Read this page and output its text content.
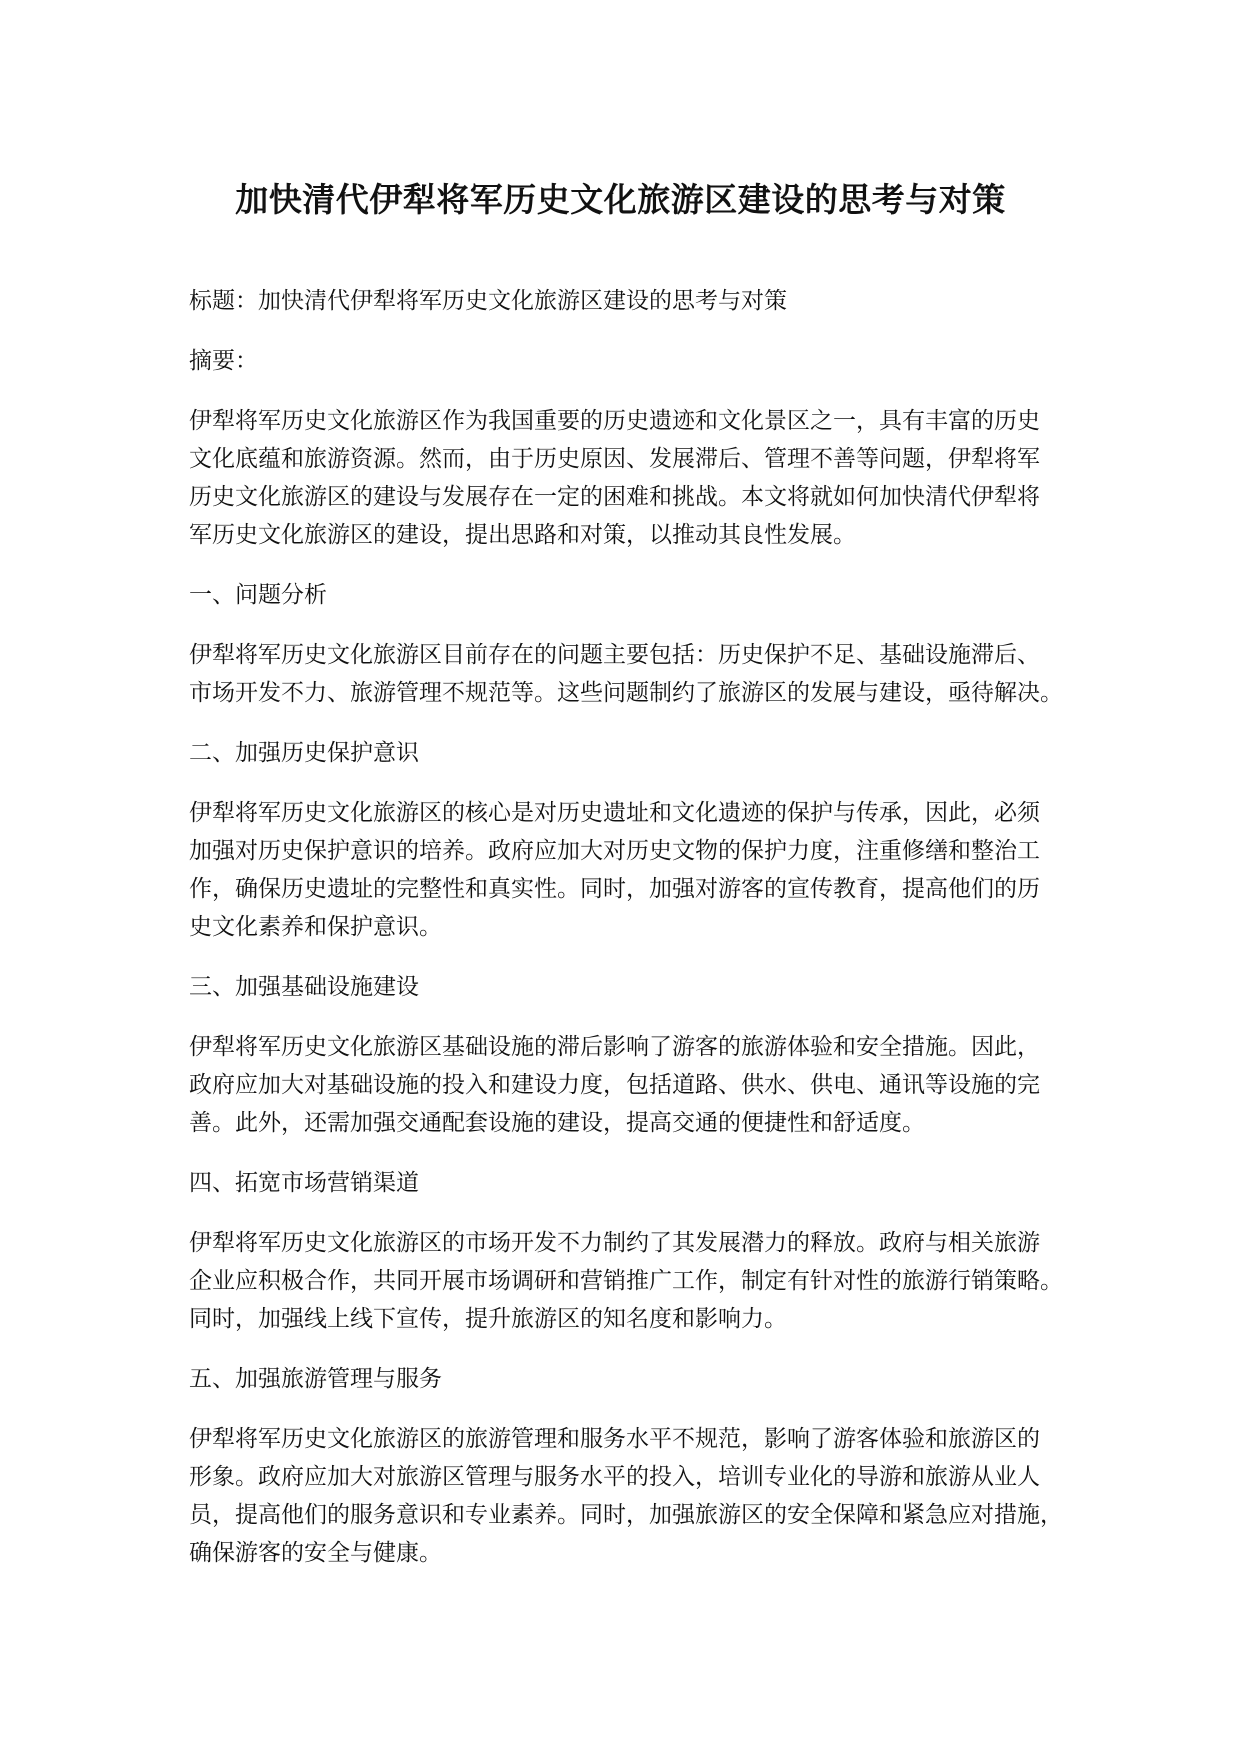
加快清代伊犁将军历史文化旅游区建设的思考与对策
标题：加快清代伊犁将军历史文化旅游区建设的思考与对策
摘要：
伊犁将军历史文化旅游区作为我国重要的历史遗迹和文化景区之一，具有丰富的历史
文化底蕴和旅游资源。然而，由于历史原因、发展滞后、管理不善等问题，伊犁将军
历史文化旅游区的建设与发展存在一定的困难和挑战。本文将就如何加快清代伊犁将
军历史文化旅游区的建设，提出思路和对策，以推动其良性发展。
一、问题分析
伊犁将军历史文化旅游区目前存在的问题主要包括：历史保护不足、基础设施滞后、
市场开发不力、旅游管理不规范等。这些问题制约了旅游区的发展与建设，亟待解决。
二、加强历史保护意识
伊犁将军历史文化旅游区的核心是对历史遗址和文化遗迹的保护与传承，因此，必须
加强对历史保护意识的培养。政府应加大对历史文物的保护力度，注重修缮和整治工
作，确保历史遗址的完整性和真实性。同时，加强对游客的宣传教育，提高他们的历
史文化素养和保护意识。
三、加强基础设施建设
伊犁将军历史文化旅游区基础设施的滞后影响了游客的旅游体验和安全措施。因此，
政府应加大对基础设施的投入和建设力度，包括道路、供水、供电、通讯等设施的完
善。此外，还需加强交通配套设施的建设，提高交通的便捷性和舒适度。
四、拓宽市场营销渠道
伊犁将军历史文化旅游区的市场开发不力制约了其发展潜力的释放。政府与相关旅游
企业应积极合作，共同开展市场调研和营销推广工作，制定有针对性的旅游行销策略。
同时，加强线上线下宣传，提升旅游区的知名度和影响力。
五、加强旅游管理与服务
伊犁将军历史文化旅游区的旅游管理和服务水平不规范，影响了游客体验和旅游区的
形象。政府应加大对旅游区管理与服务水平的投入，培训专业化的导游和旅游从业人
员，提高他们的服务意识和专业素养。同时，加强旅游区的安全保障和紧急应对措施，
确保游客的安全与健康。
